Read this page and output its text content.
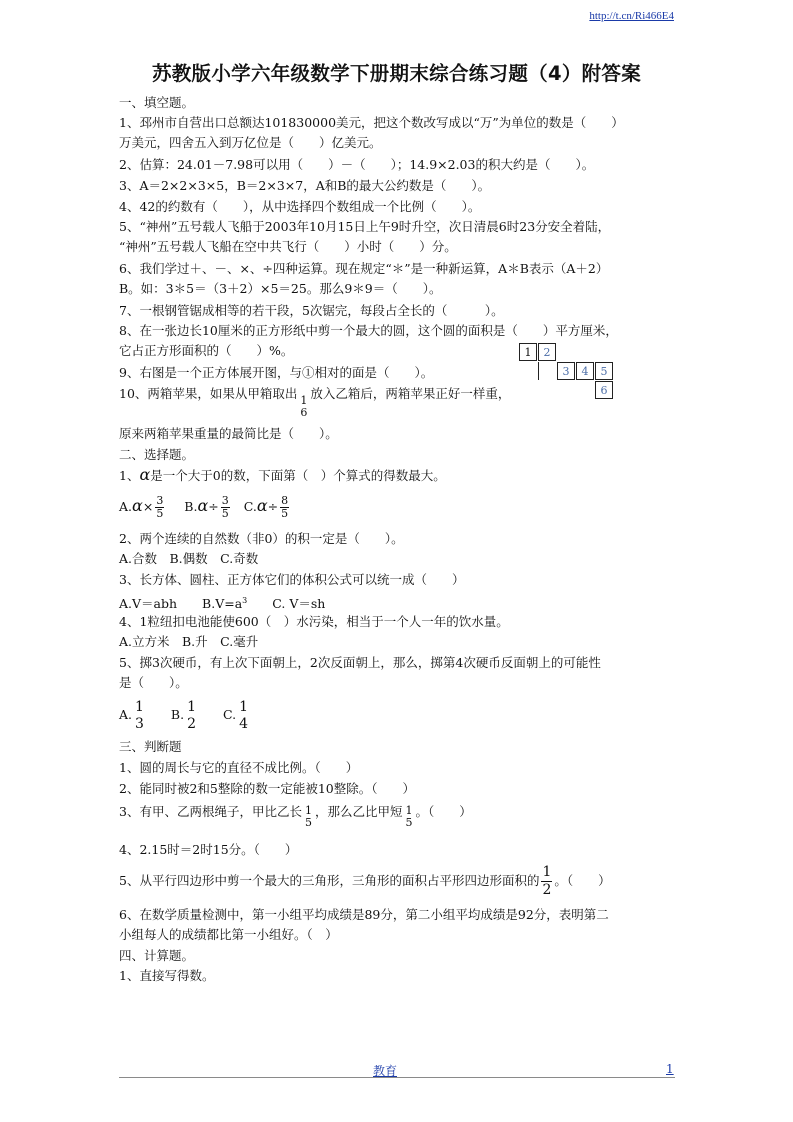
http://t.cn/Ri466E4
苏教版小学六年级数学下册期末综合练习题（4）附答案
一、填空题。
1、邳州市自营出口总额达101830000美元，把这个数改写成以“万”为单位的数是（　　）
万美元，四舍五入到万亿位是（　　）亿美元。
2、估算：24.01－7.98可以用（　　）－（　　）；14.9×2.03的积大约是（　　）。
3、A＝2×2×3×5，B＝2×3×7，A和B的最大公约数是（　　）。
4、42的约数有（　　），从中选择四个数组成一个比例（　　）。
5、“神州”五号载人飞船于2003年10月15日上午9时升空，次日清晨6时23分安全着陆，
“神州”五号载人飞船在空中共飞行（　　）小时（　　）分。
6、我们学过＋、－、×、÷四种运算。现在规定“＊”是一种新运算，A＊B表示（A＋2）
B。如：3＊5＝（3＋2）×5＝25。那么9＊9＝（　　）。
7、一根钢管锯成相等的若干段，5次锯完，每段占全长的（　　　）。
8、在一张边长10厘米的正方形纸中剪一个最大的圆，这个圆的面积是（　　）平方厘米，
它占正方形面积的（　　）%。
9、右图是一个正方体展开图，与①相对的面是（　　）。
10、两箱苹果，如果从甲箱取出 1
6
放入乙箱后，两箱苹果正好一样重，
原来两箱苹果重量的最简比是（　　）。
二、选择题。
1、α是一个大于0的数，下面第（　）个算式的得数最大。
$A.\alpha\times \frac{3}{5} B.\alpha\div \frac{3}{5} C.\alpha\div \frac{8}{5}$
2、两个连续的自然数（非0）的积一定是（　　）。
A.合数　B.偶数　C.奇数
3、长方体、圆柱、正方体它们的体积公式可以统一成（　　）
A.V＝abh　　$B.V=a^3$　　C. V＝sh
4、1粒纽扣电池能使600（　）水污染，相当于一个人一年的饮水量。
A.立方米　B.升　C.毫升
5、掷3次硬币，有上次下面朝上，2次反面朝上，那么，掷第4次硬币反面朝上的可能性
是（　　）。
A. 1
3
B. 1
2
C. 1
4
三、判断题
1、圆的周长与它的直径不成比例。（　　）
2、能同时被2和5整除的数一定能被10整除。（　　）
3、有甲、乙两根绳子，甲比乙长 1
5
，那么乙比甲短 1
5
。（　　）
4、2.15时＝2时15分。（　　）
5、从平行四边形中剪一个最大的三角形，三角形的面积占平形四边形面积的 $\frac{1}{2}$ 。（　　）
6、在数学质量检测中，第一小组平均成绩是89分，第二小组平均成绩是92分，表明第二
小组每人的成绩都比第一小组好。（　）
四、计算题。
1、直接写得数。
1	2
3	4	5
6
教育	1
